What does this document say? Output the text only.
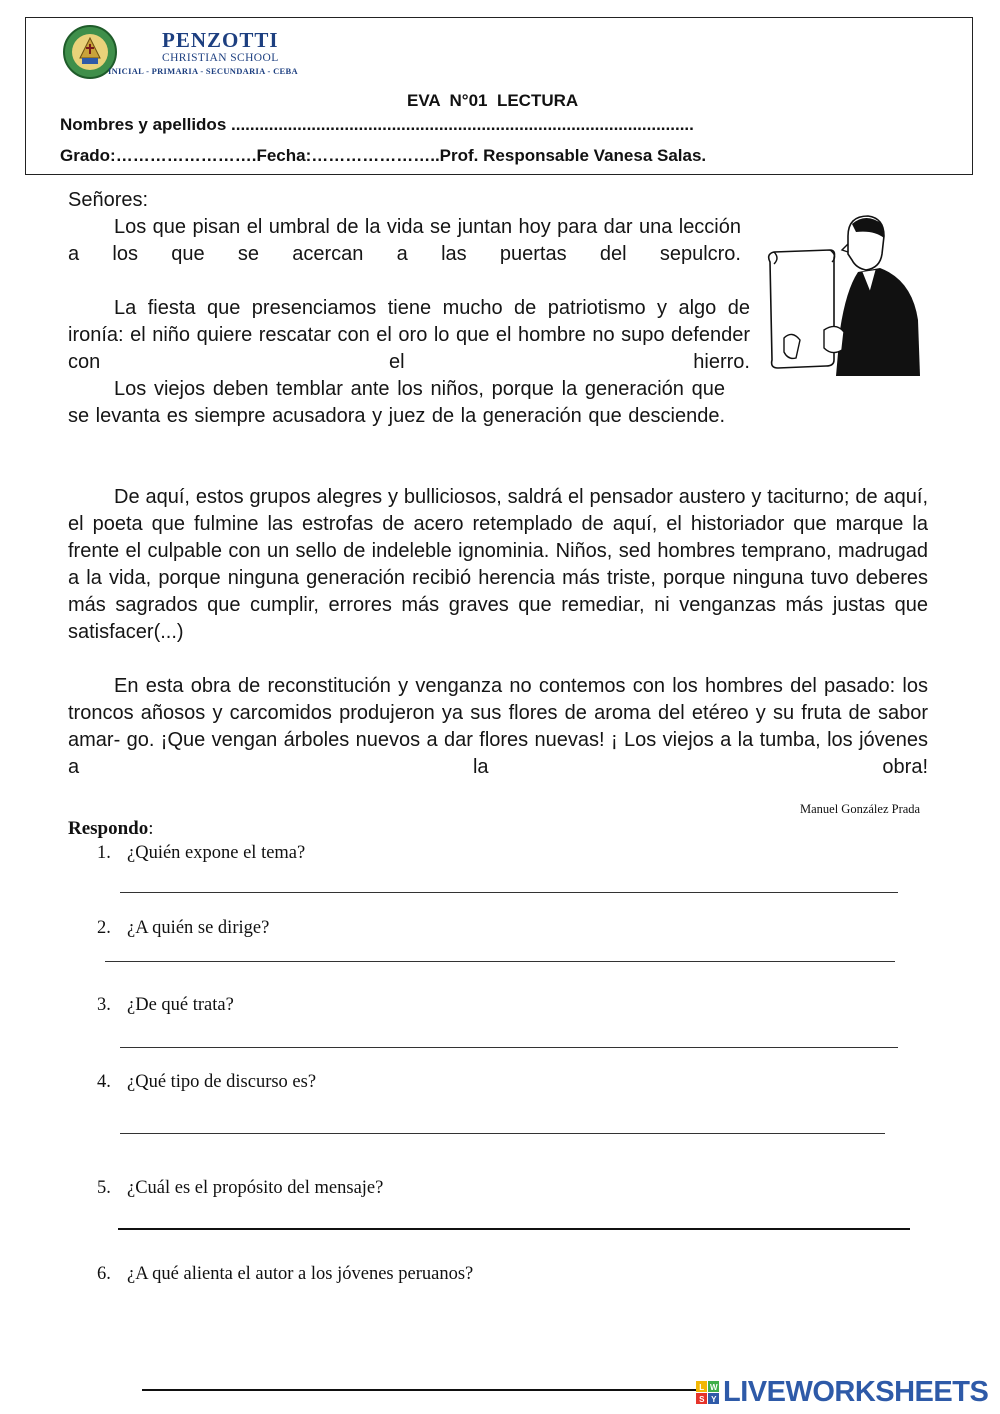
PENZOTTI
CHRISTIAN SCHOOL
INICIAL - PRIMARIA - SECUNDARIA - CEBA
EVA  N°01  LECTURA
Nombres y apellidos ..................................................................................................
Grado:…………………….Fecha:…………………..Prof. Responsable Vanesa Salas.
Señores:
Los que pisan el umbral de la vida se juntan hoy para dar una lección a los que se acercan a las puertas del sepulcro.
La fiesta que presenciamos tiene mucho de patriotismo y algo de ironía: el niño quiere rescatar con el oro lo que el hombre no supo defender con el hierro.
Los viejos deben temblar ante los niños, porque la generación que se levanta es siempre acusadora y juez de la generación que desciende.
De aquí, estos grupos alegres y bulliciosos, saldrá el pensador austero y taciturno; de aquí, el poeta que fulmine las estrofas de acero retemplado de aquí, el historiador que marque la frente el culpable con un sello de indeleble ignominia. Niños, sed hombres temprano, madrugad a la vida, porque ninguna generación recibió herencia más triste, porque ninguna tuvo deberes más sagrados que cumplir, errores más graves que remediar, ni venganzas más justas que satisfacer(...)
En esta obra de reconstitución y venganza no contemos con los hombres del pasado: los troncos añosos y carcomidos produjeron ya sus flores de aroma del etéreo y su fruta de sabor amar- go. ¡Que vengan árboles nuevos a dar flores nuevas! ¡ Los viejos a la tumba, los jóvenes a la obra!
Manuel González Prada
Respondo:
1. ¿Quién expone el tema?
2. ¿A quién se dirige?
3. ¿De qué trata?
4. ¿Qué tipo de discurso es?
5. ¿Cuál es el propósito del mensaje?
6. ¿A qué alienta el autor a los jóvenes peruanos?
L W
S Y LIVEWORKSHEETS
